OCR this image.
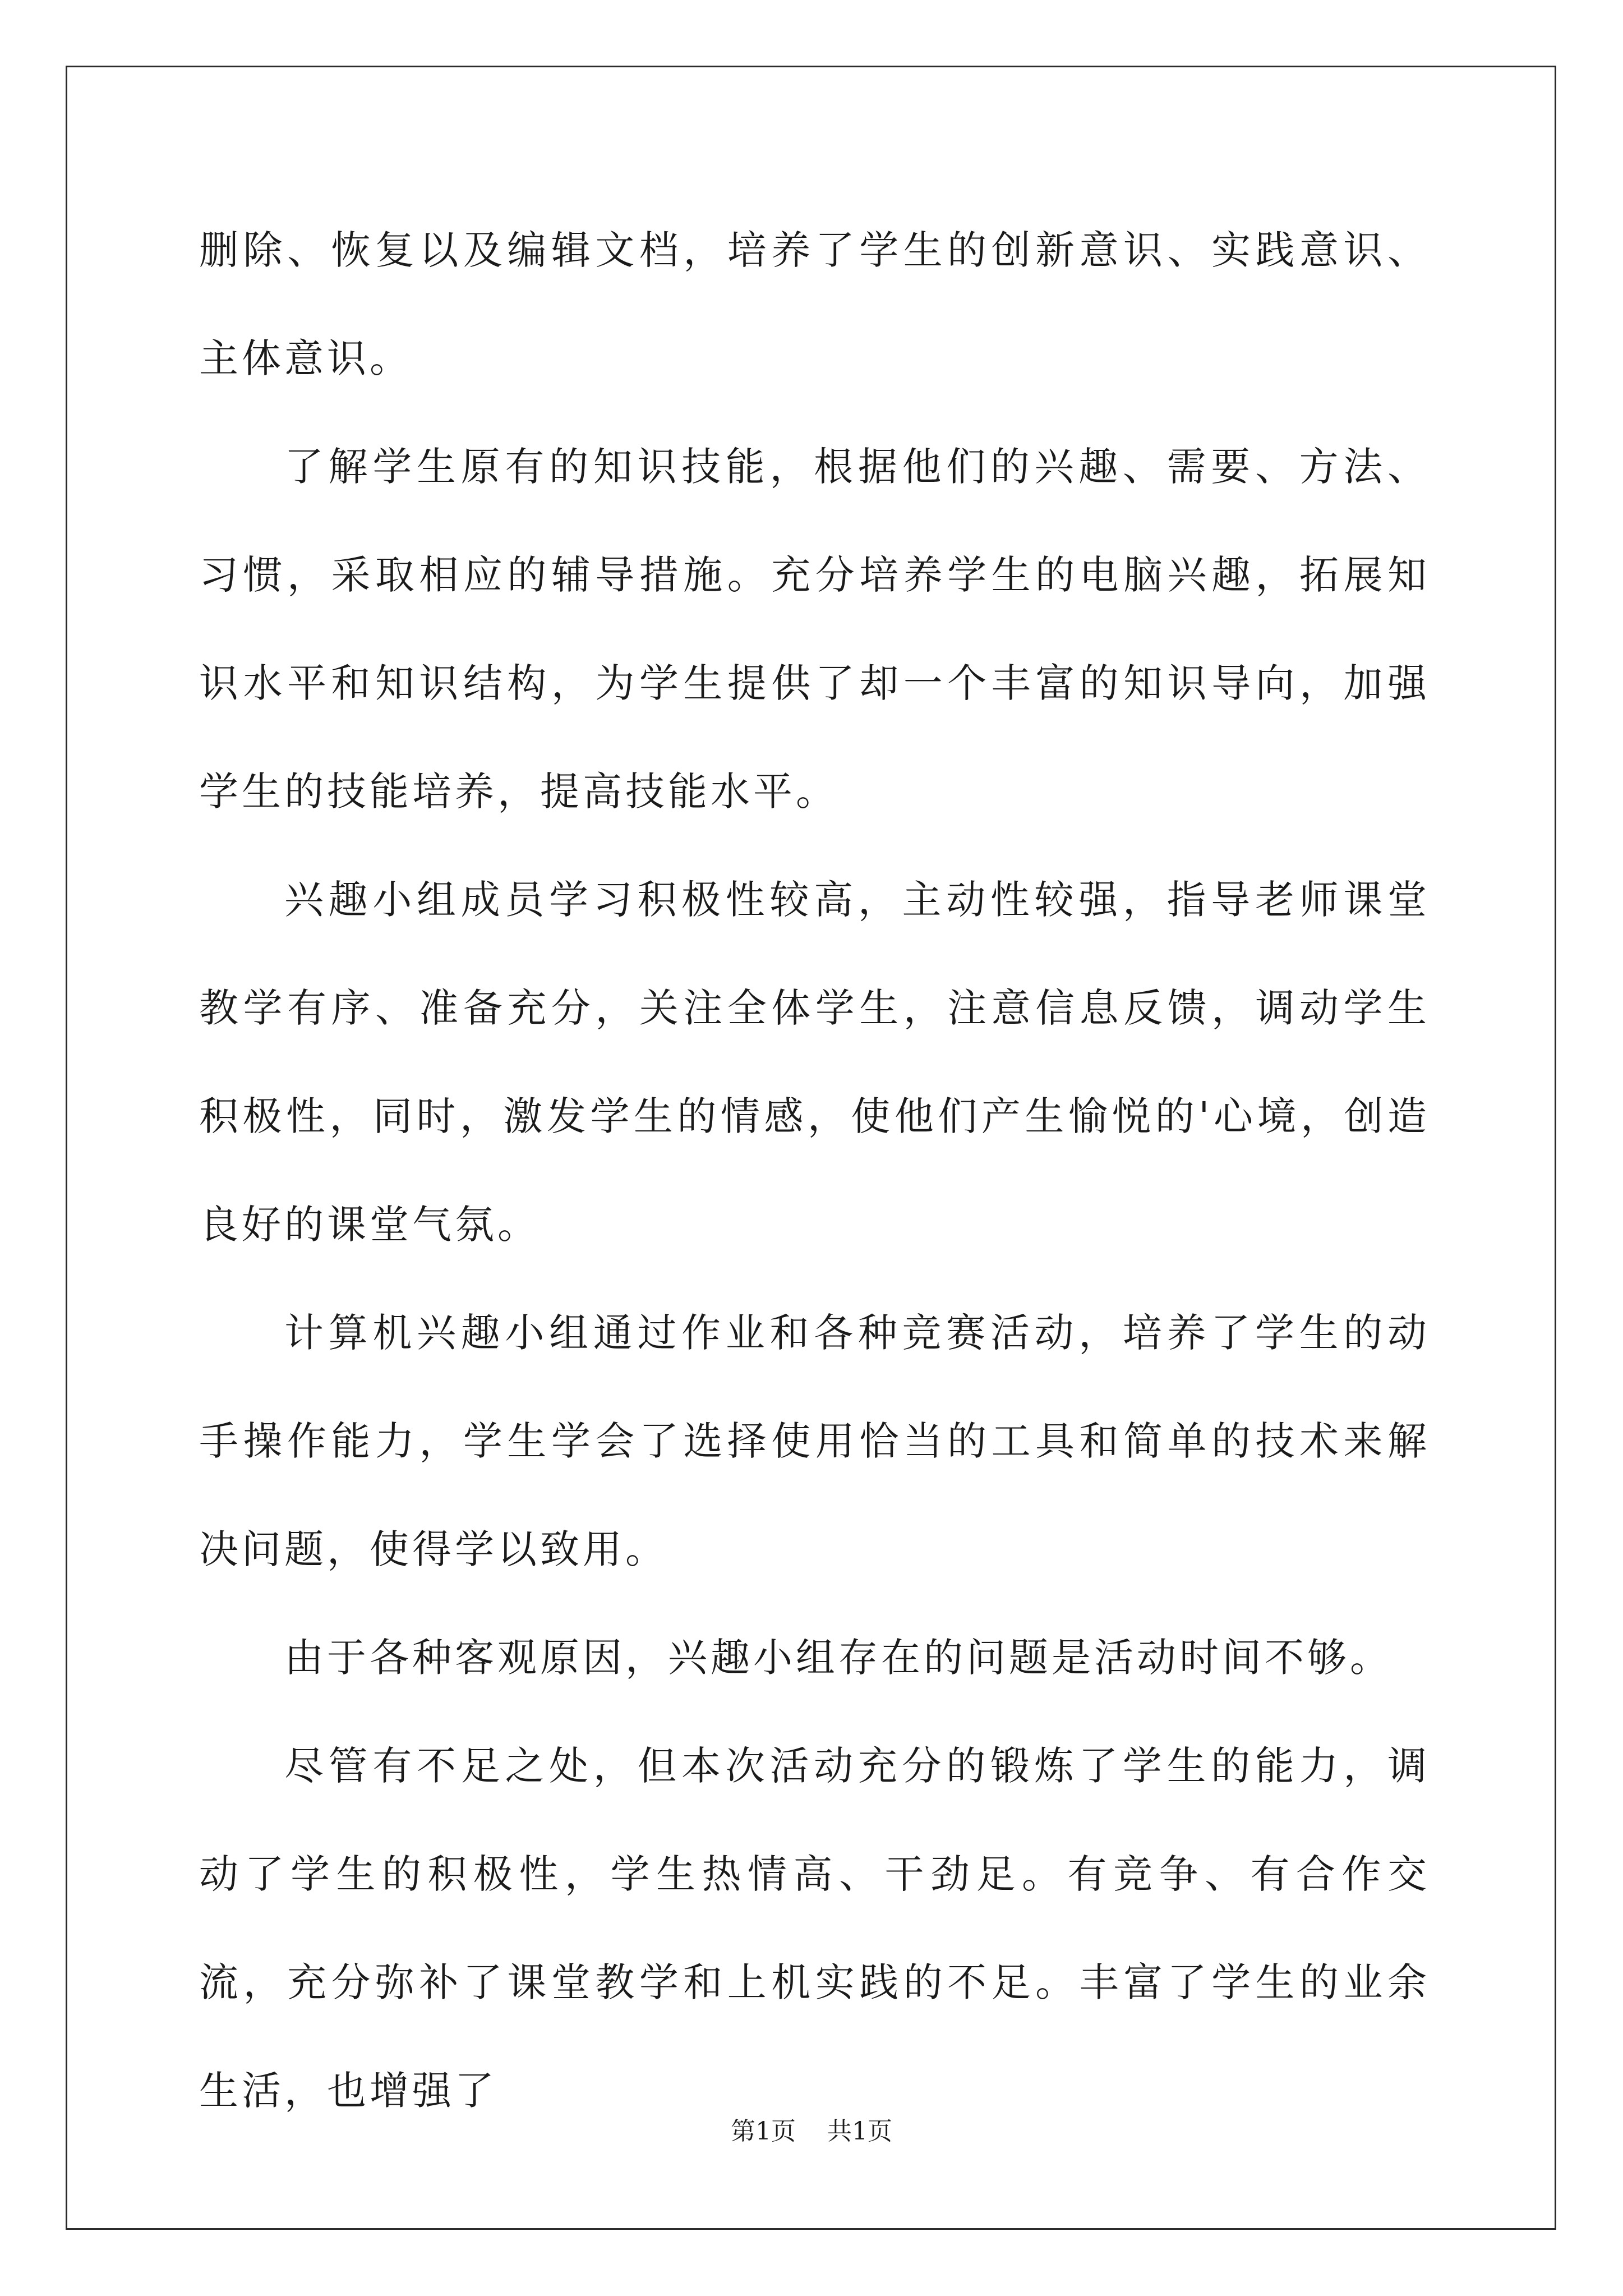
删除、恢复以及编辑文档，培养了学生的创新意识、实践意识、主体意识。

了解学生原有的知识技能，根据他们的兴趣、需要、方法、习惯，采取相应的辅导措施。充分培养学生的电脑兴趣，拓展知识水平和知识结构，为学生提供了却一个丰富的知识导向，加强学生的技能培养，提高技能水平。

兴趣小组成员学习积极性较高，主动性较强，指导老师课堂教学有序、准备充分，关注全体学生，注意信息反馈，调动学生积极性，同时，激发学生的情感，使他们产生愉悦的'心境，创造良好的课堂气氛。

计算机兴趣小组通过作业和各种竞赛活动，培养了学生的动手操作能力，学生学会了选择使用恰当的工具和简单的技术来解决问题，使得学以致用。

由于各种客观原因，兴趣小组存在的问题是活动时间不够。

尽管有不足之处，但本次活动充分的锻炼了学生的能力，调动了学生的积极性，学生热情高、干劲足。有竞争、有合作交流，充分弥补了课堂教学和上机实践的不足。丰富了学生的业余生活，也增强了

第1页 共1页
